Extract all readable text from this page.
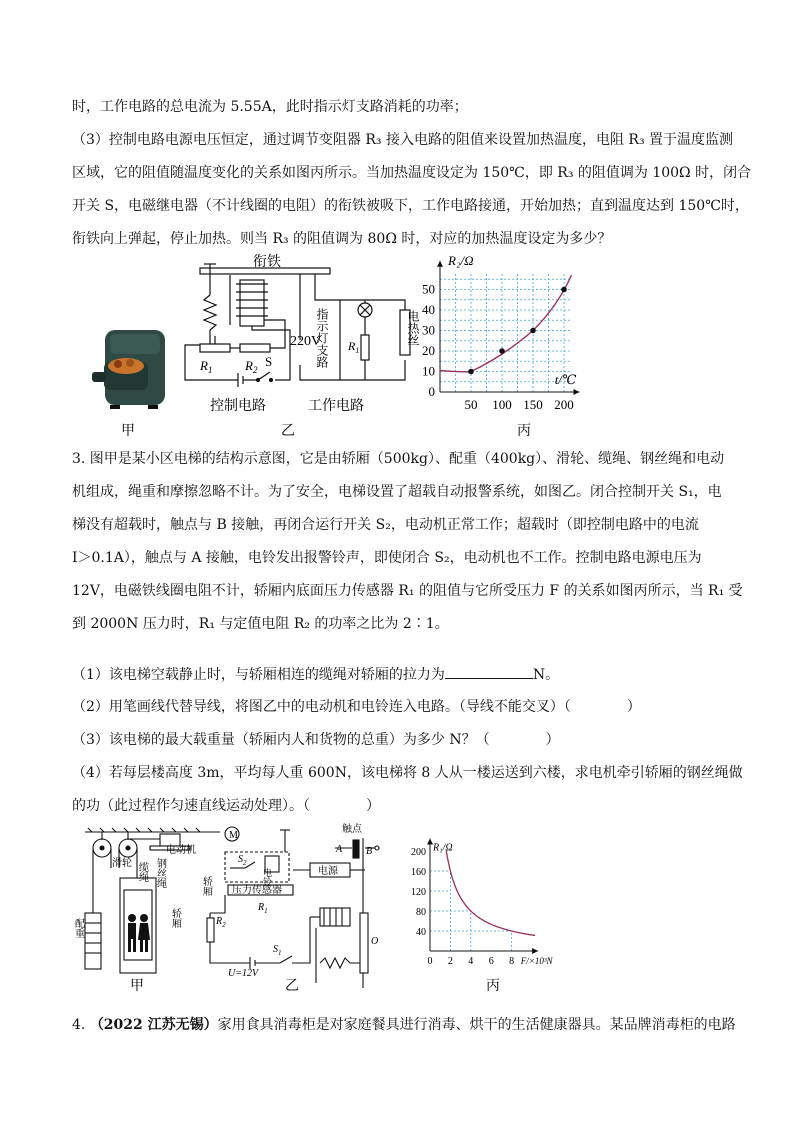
时，工作电路的总电流为 5.55A，此时指示灯支路消耗的功率；
（3）控制电路电源电压恒定，通过调节变阻器 R₃ 接入电路的阻值来设置加热温度，电阻 R₃ 置于温度监测
区域，它的阻值随温度变化的关系如图丙所示。当加热温度设定为 150℃，即 R₃ 的阻值调为 100Ω 时，闭合
开关 S，电磁继电器（不计线圈的电阻）的衔铁被吸下，工作电路接通，开始加热；直到温度达到 150℃时，
衔铁向上弹起，停止加热。则当 R₃ 的阻值调为 80Ω 时，对应的加热温度设定为多少？
甲
衔铁
220V
$R_1$	$R_2$
S
$R_1$
指示灯支路	电热丝
控制电路	工作电路
乙
0
10
20
30
40
50
50 100 150 200
R₂/Ω
t/℃
丙
3. 图甲是某小区电梯的结构示意图，它是由轿厢（500kg）、配重（400kg）、滑轮、缆绳、钢丝绳和电动
机组成，绳重和摩擦忽略不计。为了安全，电梯设置了超载自动报警系统，如图乙。闭合控制开关 S₁，电
梯没有超载时，触点与 B 接触，再闭合运行开关 S₂，电动机正常工作；超载时（即控制电路中的电流
I＞0.1A），触点与 A 接触，电铃发出报警铃声，即使闭合 S₂，电动机也不工作。控制电路电源电压为
12V，电磁铁线圈电阻不计，轿厢内底面压力传感器 R₁ 的阻值与它所受压力 F 的关系如图丙所示，当 R₁ 受
到 2000N 压力时，R₁ 与定值电阻 R₂ 的功率之比为 2∶1。
（1）该电梯空载静止时，与轿厢相连的缆绳对轿厢的拉力为	N。
（2）用笔画线代替导线，将图乙中的电动机和电铃连入电路。（导线不能交叉）（　　　　）
（3）该电梯的最大载重量（轿厢内人和货物的总重）为多少 N？（　　　　）
（4）若每层楼高度 3m，平均每人重 600N，该电梯将 8 人从一楼运送到六楼，求电机牵引轿厢的钢丝绳做
的功（此过程作匀速直线运动处理）。（　　　　）
滑轮 缆绳 钢丝绳
电动机
轿厢
配重
甲
M
$S_2$
电铃
压力传感器
电源
触点
A B
O
$R_1$
$R_2$
$S_1$
U=12V
轿厢
乙
40
80
120
160
200
0 2 4 6 8
R₁/Ω
F/×10³N
丙
4. （2022 江苏无锡）家用食具消毒柜是对家庭餐具进行消毒、烘干的生活健康器具。某品牌消毒柜的电路
